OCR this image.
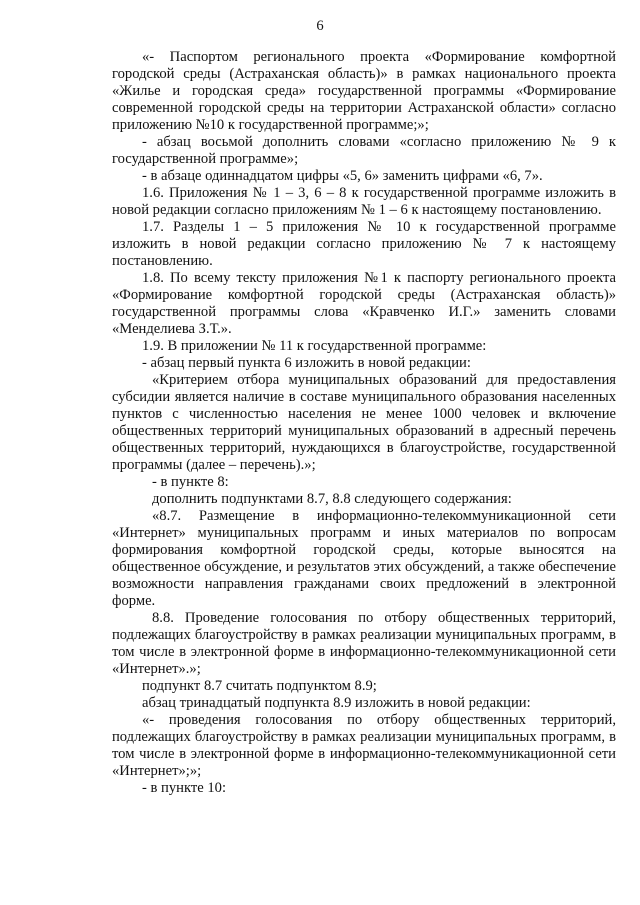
6

«- Паспортом регионального проекта «Формирование комфортной городской среды (Астраханская область)» в рамках национального проекта «Жилье и городская среда» государственной программы «Формирование современной городской среды на территории Астраханской области» согласно приложению №10 к государственной программе;»;

- абзац восьмой дополнить словами «согласно приложению № 9 к государственной программе»;

- в абзаце одиннадцатом цифры «5, 6» заменить цифрами «6, 7».

1.6. Приложения № 1 – 3, 6 – 8 к государственной программе изложить в новой редакции согласно приложениям № 1 – 6 к настоящему постановлению.

1.7. Разделы 1 – 5 приложения № 10 к государственной программе изложить в новой редакции согласно приложению № 7 к настоящему постановлению.

1.8. По всему тексту приложения №1 к паспорту регионального проекта «Формирование комфортной городской среды (Астраханская область)» государственной программы слова «Кравченко И.Г.» заменить словами «Менделиева З.Т.».

1.9. В приложении № 11 к государственной программе:

- абзац первый пункта 6 изложить в новой редакции:

«Критерием отбора муниципальных образований для предоставления субсидии является наличие в составе муниципального образования населенных пунктов с численностью населения не менее 1000 человек и включение общественных территорий муниципальных образований в адресный перечень общественных территорий, нуждающихся в благоустройстве, государственной программы (далее – перечень).»;

- в пункте 8:

дополнить подпунктами 8.7, 8.8 следующего содержания:

«8.7. Размещение в информационно-телекоммуникационной сети «Интернет» муниципальных программ и иных материалов по вопросам формирования комфортной городской среды, которые выносятся на общественное обсуждение, и результатов этих обсуждений, а также обеспечение возможности направления гражданами своих предложений в электронной форме.

8.8. Проведение голосования по отбору общественных территорий, подлежащих благоустройству в рамках реализации муниципальных программ, в том числе в электронной форме в информационно-телекоммуникационной сети «Интернет».»;

подпункт 8.7 считать подпунктом 8.9;

абзац тринадцатый подпункта 8.9 изложить в новой редакции:

«- проведения голосования по отбору общественных территорий, подлежащих благоустройству в рамках реализации муниципальных программ, в том числе в электронной форме в информационно-телекоммуникационной сети «Интернет»;»;

- в пункте 10:
